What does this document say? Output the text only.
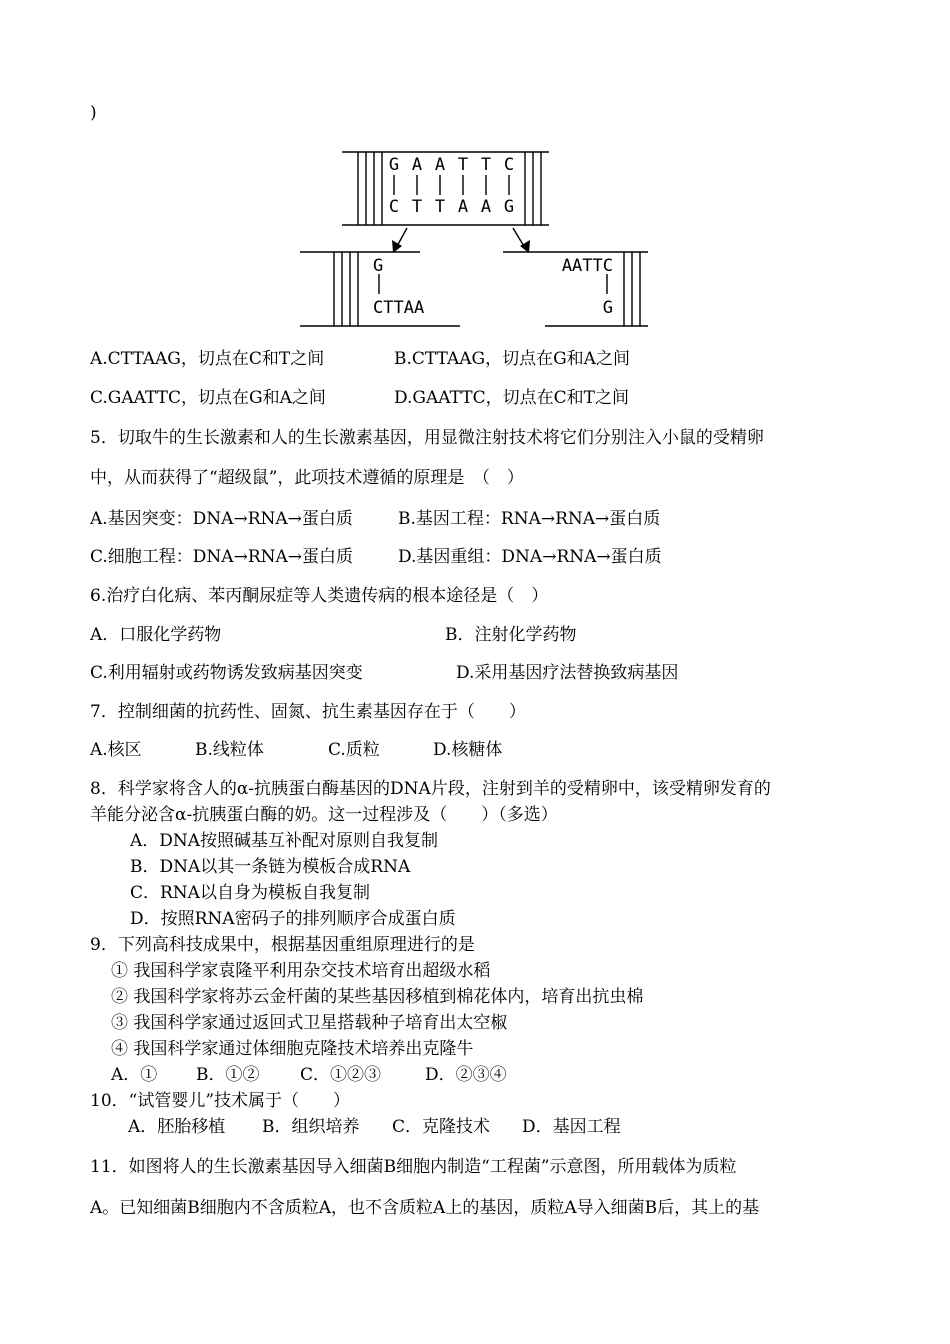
)
G A A T T C
C T T A A G
G
CTTAA
AATTC
G
A.CTTAAG，切点在C和T之间	B.CTTAAG，切点在G和A之间
C.GAATTC，切点在G和A之间	D.GAATTC，切点在C和T之间
5．切取牛的生长激素和人的生长激素基因，用显微注射技术将它们分别注入小鼠的受精卵
中，从而获得了“超级鼠”，此项技术遵循的原理是　（　）
A.基因突变：DNA→RNA→蛋白质	B.基因工程：RNA→RNA→蛋白质
C.细胞工程：DNA→RNA→蛋白质	D.基因重组：DNA→RNA→蛋白质
6.治疗白化病、苯丙酮尿症等人类遗传病的根本途径是（　）
A．口服化学药物	B．注射化学药物
C.利用辐射或药物诱发致病基因突变	D.采用基因疗法替换致病基因
7．控制细菌的抗药性、固氮、抗生素基因存在于（　　）
A.核区	B.线粒体	C.质粒	D.核糖体
8．科学家将含人的α-抗胰蛋白酶基因的DNA片段，注射到羊的受精卵中，该受精卵发育的
羊能分泌含α-抗胰蛋白酶的奶。这一过程涉及（　　）（多选）
A．DNA按照碱基互补配对原则自我复制
B．DNA以其一条链为模板合成RNA
C．RNA以自身为模板自我复制
D．按照RNA密码子的排列顺序合成蛋白质
9．下列高科技成果中，根据基因重组原理进行的是
① 我国科学家袁隆平利用杂交技术培育出超级水稻
② 我国科学家将苏云金杆菌的某些基因移植到棉花体内，培育出抗虫棉
③ 我国科学家通过返回式卫星搭载种子培育出太空椒
④ 我国科学家通过体细胞克隆技术培养出克隆牛
A．① B．①② C．①②③	D．②③④
10．“试管婴儿”技术属于（　　）
A．胚胎移植 B．组织培养 C．克隆技术 D．基因工程
11．如图将人的生长激素基因导入细菌B细胞内制造“工程菌”示意图，所用载体为质粒
A。已知细菌B细胞内不含质粒A，也不含质粒A上的基因，质粒A导入细菌B后，其上的基
